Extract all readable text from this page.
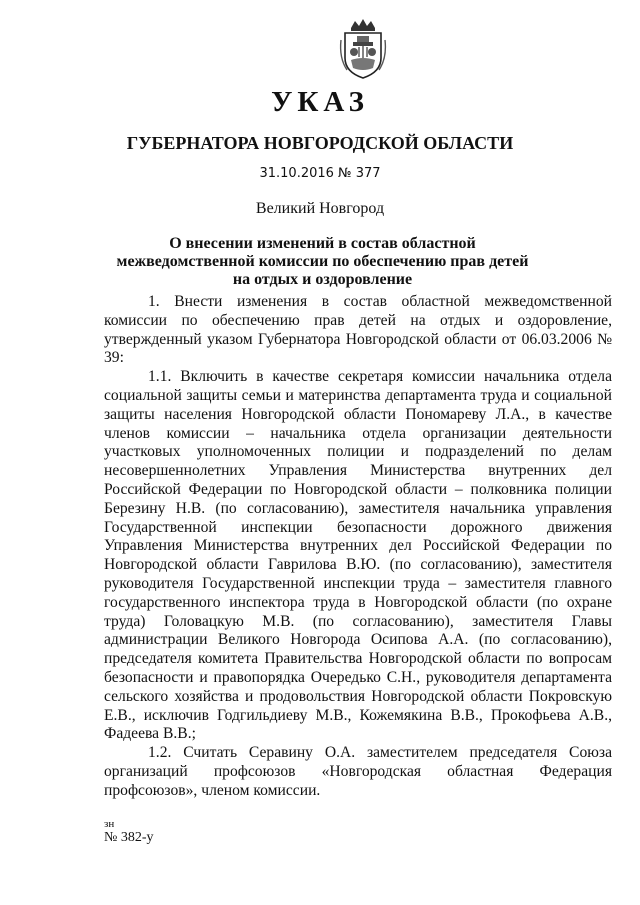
УКАЗ
ГУБЕРНАТОРА НОВГОРОДСКОЙ ОБЛАСТИ
31.10.2016 № 377
Великий Новгород
О внесении изменений в состав областной межведомственной комиссии по обеспечению прав детей на отдых и оздоровление

1. Внести изменения в состав областной межведомственной комиссии по обеспечению прав детей на отдых и оздоровление, утвержденный указом Губернатора Новгородской области от 06.03.2006 № 39:

1.1. Включить в качестве секретаря комиссии начальника отдела социальной защиты семьи и материнства департамента труда и социальной защиты населения Новгородской области Пономареву Л.А., в качестве членов комиссии – начальника отдела организации деятельности участковых уполномоченных полиции и подразделений по делам несовершеннолетних Управления Министерства внутренних дел Российской Федерации по Новгородской области – полковника полиции Березину Н.В. (по согласованию), заместителя начальника управления Государственной инспекции безопасности дорожного движения Управления Министерства внутренних дел Российской Федерации по Новгородской области Гаврилова В.Ю. (по согласованию), заместителя руководителя Государственной инспекции труда – заместителя главного государственного инспектора труда в Новгородской области (по охране труда) Головацкую М.В. (по согласованию), заместителя Главы администрации Великого Новгорода Осипова А.А. (по согласованию), председателя комитета Правительства Новгородской области по вопросам безопасности и правопорядка Очередько С.Н., руководителя департамента сельского хозяйства и продовольствия Новгородской области Покровскую Е.В., исключив Годгильдиеву М.В., Кожемякина В.В., Прокофьева А.В., Фадеева В.В.;

1.2. Считать Серавину О.А. заместителем председателя Союза организаций профсоюзов «Новгородская областная Федерация профсоюзов», членом комиссии.

зн
№ 382-у
